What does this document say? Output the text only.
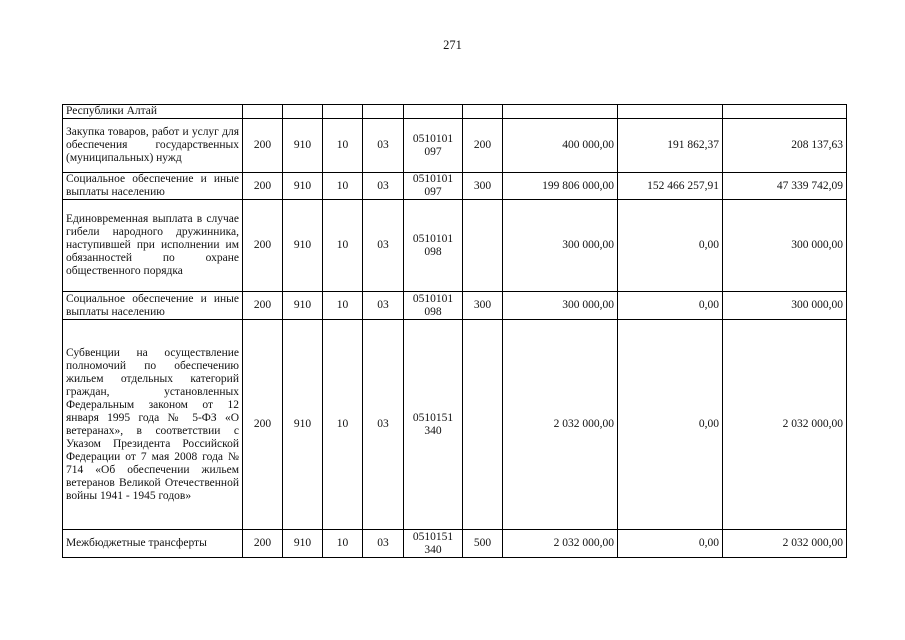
271
Республики Алтай									
Закупка товаров, работ и услуг для обеспечения государственных (муниципальных) нужд	200	910	10	03	0510101 097	200	400 000,00	191 862,37	208 137,63
Социальное обеспечение и иные выплаты населению	200	910	10	03	0510101 097	300	199 806 000,00	152 466 257,91	47 339 742,09
Единовременная выплата в случае гибели народного дружинника, наступившей при исполнении им обязанностей по охране общественного порядка	200	910	10	03	0510101 098		300 000,00	0,00	300 000,00
Социальное обеспечение и иные выплаты населению	200	910	10	03	0510101 098	300	300 000,00	0,00	300 000,00
Субвенции на осуществление полномочий по обеспечению жильем отдельных категорий граждан, установленных Федеральным законом от 12 января 1995 года № 5-ФЗ «О ветеранах», в соответствии с Указом Президента Российской Федерации от 7 мая 2008 года № 714 «Об обеспечении жильем ветеранов Великой Отечественной войны 1941 - 1945 годов»	200	910	10	03	0510151 340		2 032 000,00	0,00	2 032 000,00
Межбюджетные трансферты	200	910	10	03	0510151 340	500	2 032 000,00	0,00	2 032 000,00
